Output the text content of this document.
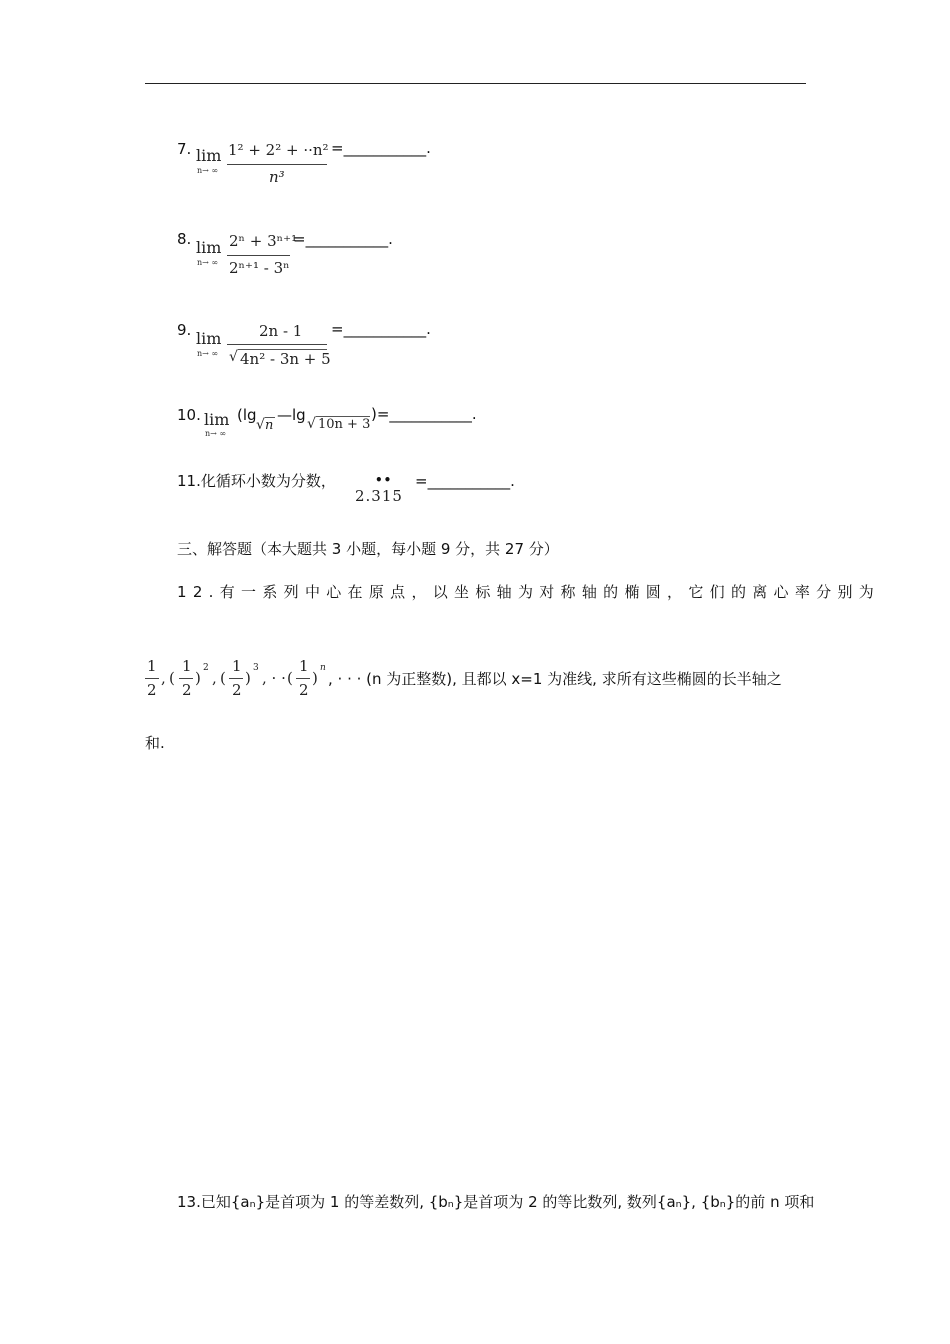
7. lim
n→ ∞
1² + 2² + ··n²
n³
=___________.
8. lim
n→ ∞
2ⁿ + 3ⁿ⁺¹
2ⁿ⁺¹ - 3ⁿ
=___________.
9. lim
n→ ∞
2n - 1
√ 4n² - 3n + 5
=___________.
10. lim
n→ ∞
(lg
√ n
—lg √ 10n + 3
)=___________.
11.化循环小数为分数，	••
2.315
=___________.
三、解答题（本大题共 3 小题，每小题 9 分，共 27 分）
12.有一系列中心在原点，以坐标轴为对称轴的椭圆，它们的离心率分别为
1
2
, (
1
2
)
2
, (
1
2
)
3
, · · (
1
2
)
n
, · · · (n 为正整数), 且都以 x=1 为准线, 求所有这些椭圆的长半轴之
和.
13.已知{aₙ}是首项为 1 的等差数列, {bₙ}是首项为 2 的等比数列, 数列{aₙ}, {bₙ}的前 n 项和
